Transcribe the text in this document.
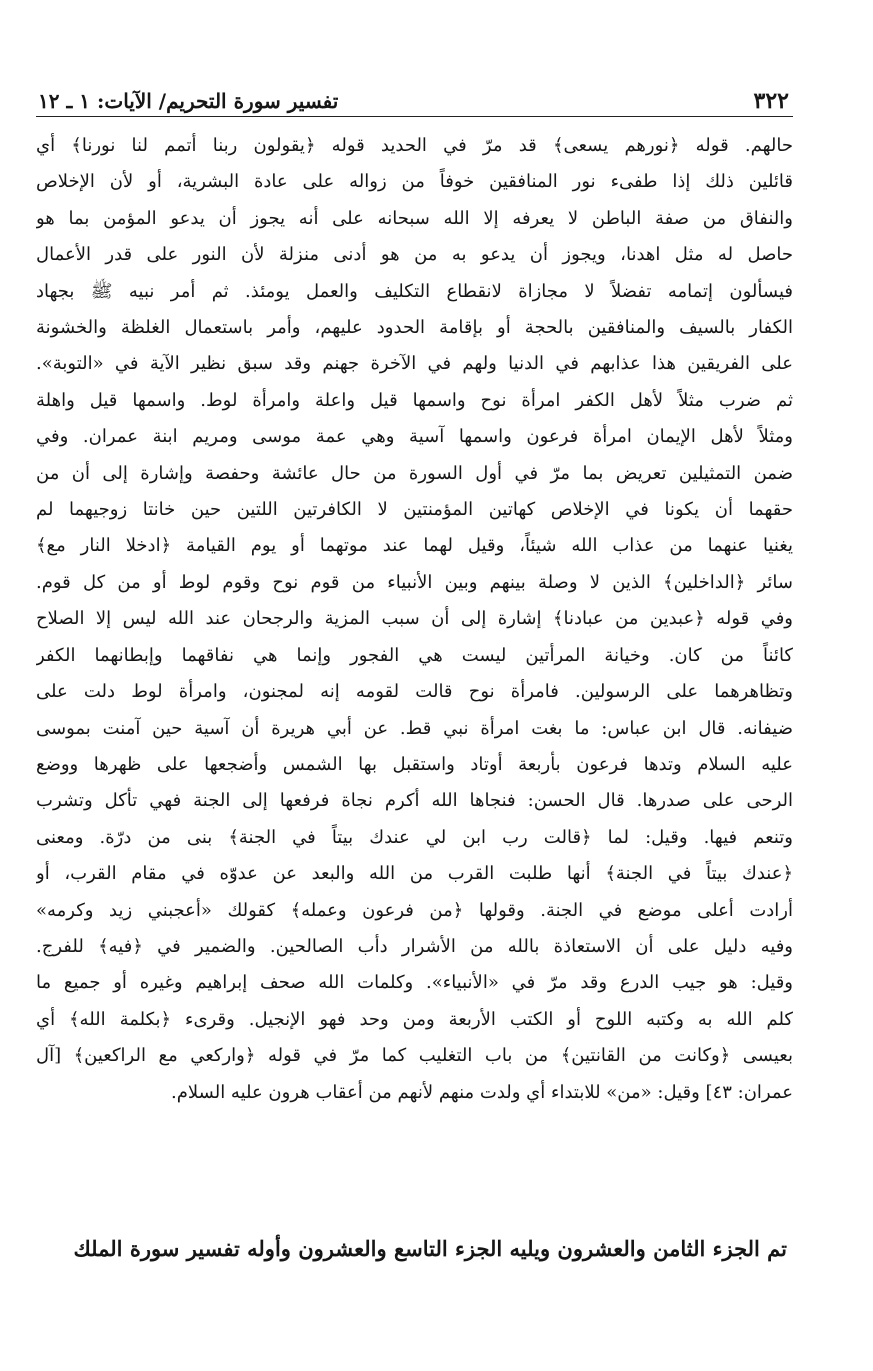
٣٢٢
تفسير سورة التحريم/ الآيات: ١ ـ ١٢
حالهم. قوله ﴿نورهم يسعى﴾ قد مرّ في الحديد قوله ﴿يقولون ربنا أتمم لنا نورنا﴾ أي
قائلين ذلك إذا طفىء نور المنافقين خوفاً من زواله على عادة البشرية، أو لأن الإخلاص
والنفاق من صفة الباطن لا يعرفه إلا الله سبحانه على أنه يجوز أن يدعو المؤمن بما هو
حاصل له مثل اهدنا، ويجوز أن يدعو به من هو أدنى منزلة لأن النور على قدر الأعمال
فيسألون إتمامه تفضلاً لا مجازاة لانقطاع التكليف والعمل يومئذ. ثم أمر نبيه ﷺ بجهاد
الكفار بالسيف والمنافقين بالحجة أو بإقامة الحدود عليهم، وأمر باستعمال الغلظة والخشونة
على الفريقين هذا عذابهم في الدنيا ولهم في الآخرة جهنم وقد سبق نظير الآية في «التوبة».
ثم ضرب مثلاً لأهل الكفر امرأة نوح واسمها قيل واعلة وامرأة لوط. واسمها قيل واهلة
ومثلاً لأهل الإيمان امرأة فرعون واسمها آسية وهي عمة موسى ومريم ابنة عمران. وفي
ضمن التمثيلين تعريض بما مرّ في أول السورة من حال عائشة وحفصة وإشارة إلى أن من
حقهما أن يكونا في الإخلاص كهاتين المؤمنتين لا الكافرتين اللتين حين خانتا زوجيهما لم
يغنيا عنهما من عذاب الله شيئاً، وقيل لهما عند موتهما أو يوم القيامة ﴿ادخلا النار مع﴾
سائر ﴿الداخلين﴾ الذين لا وصلة بينهم وبين الأنبياء من قوم نوح وقوم لوط أو من كل قوم.
وفي قوله ﴿عبدين من عبادنا﴾ إشارة إلى أن سبب المزية والرجحان عند الله ليس إلا الصلاح
كائناً من كان. وخيانة المرأتين ليست هي الفجور وإنما هي نفاقهما وإبطانهما الكفر
وتظاهرهما على الرسولين. فامرأة نوح قالت لقومه إنه لمجنون، وامرأة لوط دلت على
ضيفانه. قال ابن عباس: ما بغت امرأة نبي قط. عن أبي هريرة أن آسية حين آمنت بموسى
عليه السلام وتدها فرعون بأربعة أوتاد واستقبل بها الشمس وأضجعها على ظهرها ووضع
الرحى على صدرها. قال الحسن: فنجاها الله أكرم نجاة فرفعها إلى الجنة فهي تأكل وتشرب
وتنعم فيها. وقيل: لما ﴿قالت رب ابن لي عندك بيتاً في الجنة﴾ بنى من درّة. ومعنى
﴿عندك بيتاً في الجنة﴾ أنها طلبت القرب من الله والبعد عن عدوّه في مقام القرب، أو
أرادت أعلى موضع في الجنة. وقولها ﴿من فرعون وعمله﴾ كقولك «أعجبني زيد وكرمه»
وفيه دليل على أن الاستعاذة بالله من الأشرار دأب الصالحين. والضمير في ﴿فيه﴾ للفرج.
وقيل: هو جيب الدرع وقد مرّ في «الأنبياء». وكلمات الله صحف إبراهيم وغيره أو جميع ما
كلم الله به وكتبه اللوح أو الكتب الأربعة ومن وحد فهو الإنجيل. وقرىء ﴿بكلمة الله﴾ أي
بعيسى ﴿وكانت من القانتين﴾ من باب التغليب كما مرّ في قوله ﴿واركعي مع الراكعين﴾ [آل
عمران: ٤٣] وقيل: «من» للابتداء أي ولدت منهم لأنهم من أعقاب هرون عليه السلام.
تم الجزء الثامن والعشرون ويليه الجزء التاسع والعشرون وأوله تفسير سورة الملك
